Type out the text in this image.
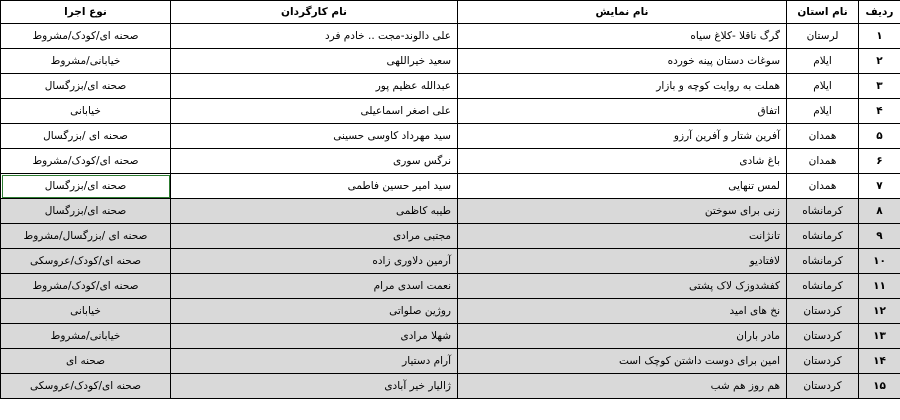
ردیف	نام استان	نام نمایش	نام کارگردان	نوع اجرا
۱	لرستان	گرگ ناقلا -کلاغ سیاه	علی دالوند-مجت .. خادم فرد	صحنه ای/کودک/مشروط
۲	ایلام	سوغات دستان پینه خورده	سعید خیراللهی	خیابانی/مشروط
۳	ایلام	هملت به روایت کوچه و بازار	عبدالله عظیم پور	صحنه ای/بزرگسال
۴	ایلام	اتفاق	علی اصغر اسماعیلی	خیابانی
۵	همدان	آفرین شتار و آفرین آرزو	سید مهرداد کاوسی حسینی	صحنه ای /بزرگسال
۶	همدان	باغ شادی	نرگس سوری	صحنه ای/کودک/مشروط
۷	همدان	لمس تنهایی	سید امیر حسین فاطمی	صحنه ای/بزرگسال
۸	کرمانشاه	زنی برای سوختن	طیبه کاظمی	صحنه ای/بزرگسال
۹	کرمانشاه	تانژانت	مجتبی مرادی	صحنه ای /بزرگسال/مشروط
۱۰	کرمانشاه	لافتادیو	آرمین دلاوری زاده	صحنه ای/کودک/عروسکی
۱۱	کرمانشاه	کفشدوزک لاک پشتی	نعمت اسدی مرام	صحنه ای/کودک/مشروط
۱۲	کردستان	نخ های امید	روژین صلواتی	خیابانی
۱۳	کردستان	مادر باران	شهلا مرادی	خیابانی/مشروط
۱۴	کردستان	امین برای دوست داشتن کوچک است	آرام دستیار	صحنه ای
۱۵	کردستان	هم روز هم شب	ژالیار خیر آبادی	صحنه ای/کودک/عروسکی
